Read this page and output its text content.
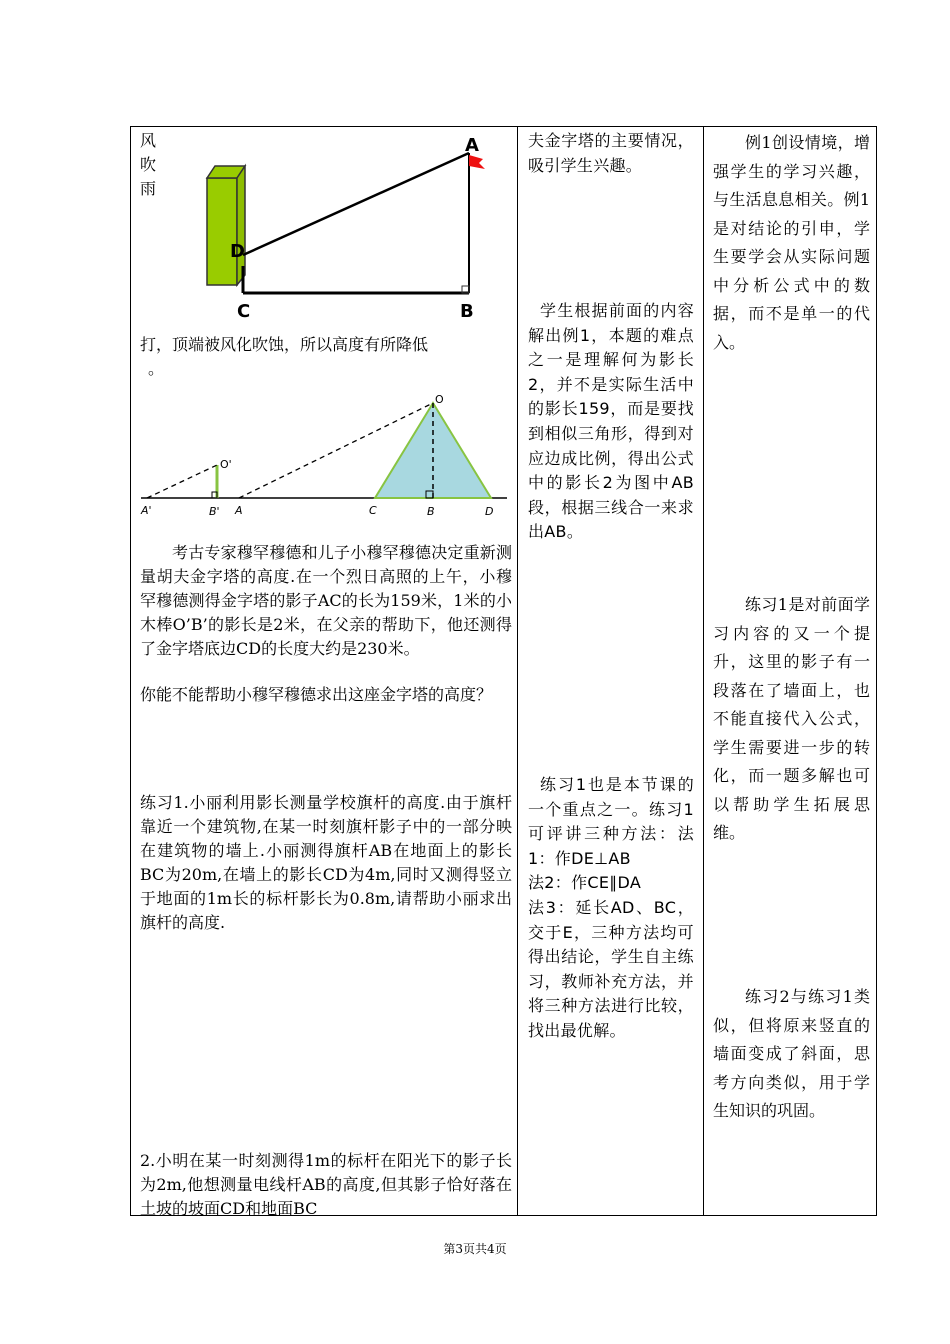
风
吹
雨
D
C	B
A
打，顶端被风化吹蚀，所以高度有所降低
。
O
O'
A'	B' A	C	B	D
考古专家穆罕穆德和儿子小穆罕穆德决定重新测量胡夫金字塔的高度.在一个烈日高照的上午，小穆罕穆德测得金字塔的影子AC的长为159米，1米的小木棒O’B’的影长是2米，在父亲的帮助下，他还测得了金字塔底边CD的长度大约是230米。
你能不能帮助小穆罕穆德求出这座金字塔的高度？
练习1.小丽利用影长测量学校旗杆的高度.由于旗杆靠近一个建筑物,在某一时刻旗杆影子中的一部分映在建筑物的墙上.小丽测得旗杆AB在地面上的影长BC为20m,在墙上的影长CD为4m,同时又测得竖立于地面的1m长的标杆影长为0.8m,请帮助小丽求出旗杆的高度.
2.小明在某一时刻测得1m的标杆在阳光下的影子长为2m,他想测量电线杆AB的高度,但其影子恰好落在土坡的坡面CD和地面BC
夫金字塔的主要情况，吸引学生兴趣。
学生根据前面的内容解出例1，本题的难点之一是理解何为影长2，并不是实际生活中的影长159，而是要找到相似三角形，得到对应边成比例，得出公式中的影长2为图中AB段，根据三线合一来求出AB。
练习1也是本节课的一个重点之一。练习1可评讲三种方法：法1：作DE⊥AB
法2：作CE∥DA
法3：延长AD、BC，交于E，三种方法均可得出结论，学生自主练习，教师补充方法，并将三种方法进行比较，找出最优解。
例1创设情境，增强学生的学习兴趣，与生活息息相关。例1是对结论的引申，学生要学会从实际问题中分析公式中的数据，而不是单一的代入。
练习1是对前面学习内容的又一个提升，这里的影子有一段落在了墙面上，也不能直接代入公式，学生需要进一步的转化，而一题多解也可以帮助学生拓展思维。
练习2与练习1类似，但将原来竖直的墙面变成了斜面，思考方向类似，用于学生知识的巩固。
第3页共4页
